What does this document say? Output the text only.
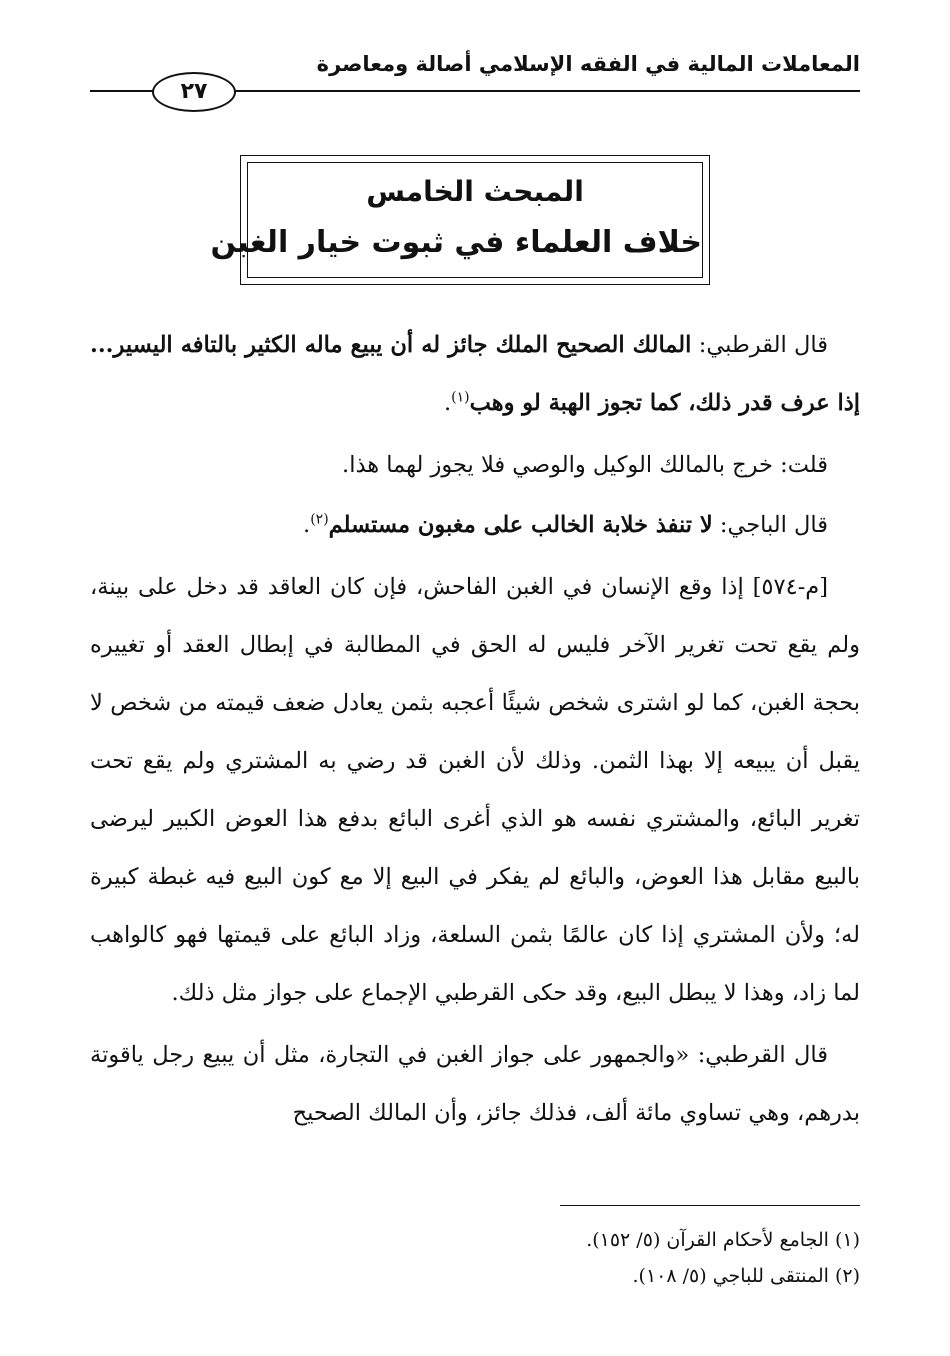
المعاملات المالية في الفقه الإسلامي أصالة ومعاصرة
٢٧
المبحث الخامس
خلاف العلماء في ثبوت خيار الغبن

قال القرطبي: المالك الصحيح الملك جائز له أن يبيع ماله الكثير بالتافه اليسير... إذا عرف قدر ذلك، كما تجوز الهبة لو وهب$^{(١)}$.

قلت: خرج بالمالك الوكيل والوصي فلا يجوز لهما هذا.

قال الباجي: لا تنفذ خلابة الخالب على مغبون مستسلم$^{(٢)}$.

[م-٥٧٤] إذا وقع الإنسان في الغبن الفاحش، فإن كان العاقد قد دخل على بينة، ولم يقع تحت تغرير الآخر فليس له الحق في المطالبة في إبطال العقد أو تغييره بحجة الغبن، كما لو اشترى شخص شيئًا أعجبه بثمن يعادل ضعف قيمته من شخص لا يقبل أن يبيعه إلا بهذا الثمن. وذلك لأن الغبن قد رضي به المشتري ولم يقع تحت تغرير البائع، والمشتري نفسه هو الذي أغرى البائع بدفع هذا العوض الكبير ليرضى بالبيع مقابل هذا العوض، والبائع لم يفكر في البيع إلا مع كون البيع فيه غبطة كبيرة له؛ ولأن المشتري إذا كان عالمًا بثمن السلعة، وزاد البائع على قيمتها فهو كالواهب لما زاد، وهذا لا يبطل البيع، وقد حكى القرطبي الإجماع على جواز مثل ذلك.

قال القرطبي: «والجمهور على جواز الغبن في التجارة، مثل أن يبيع رجل ياقوتة بدرهم، وهي تساوي مائة ألف، فذلك جائز، وأن المالك الصحيح

(١) الجامع لأحكام القرآن (٥/ ١٥٢).
(٢) المنتقى للباجي (٥/ ١٠٨).
